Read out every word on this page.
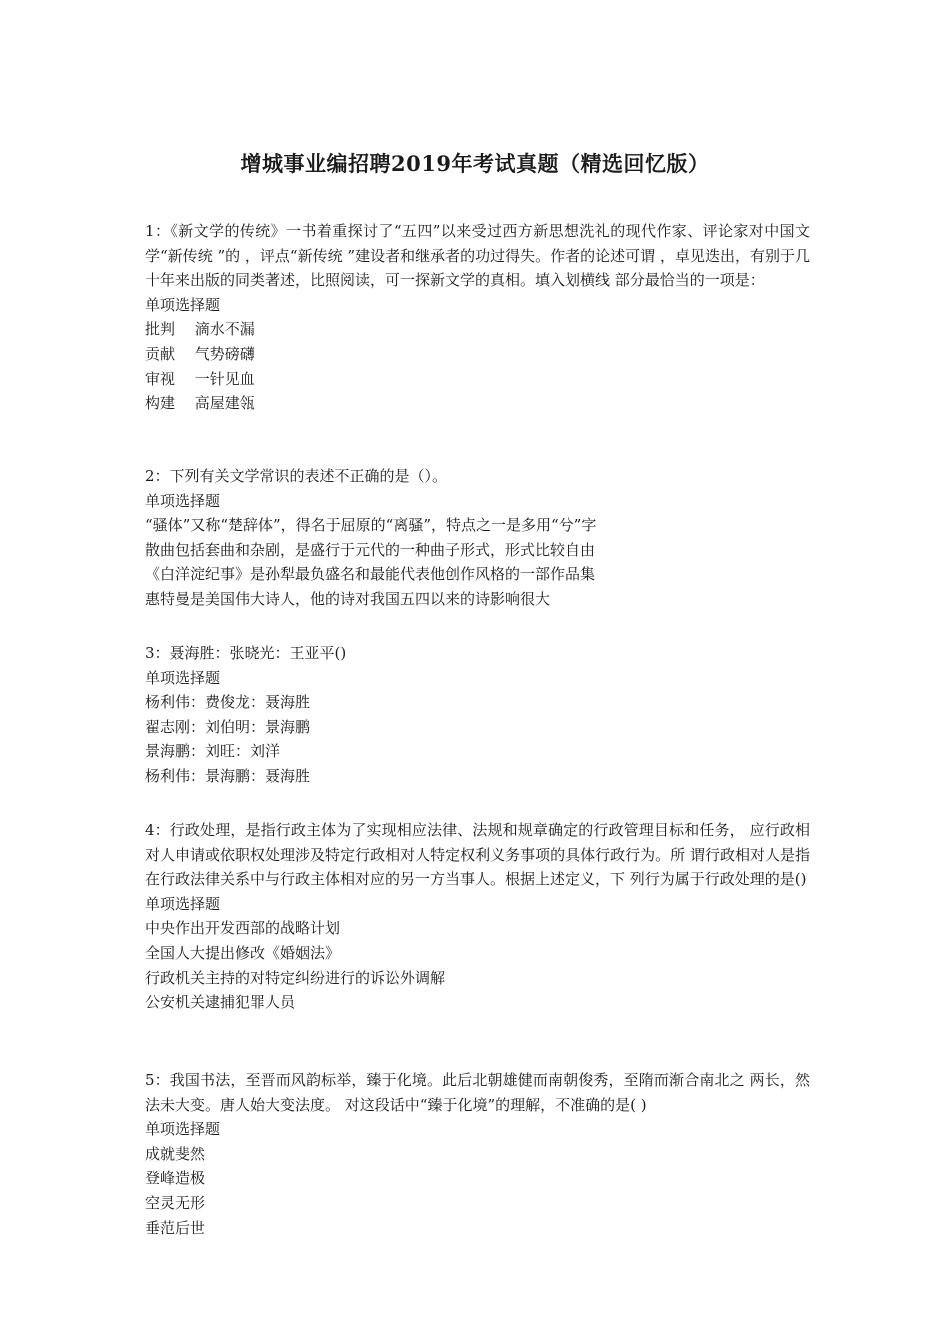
增城事业编招聘2019年考试真题（精选回忆版）

1：《新文学的传统》一书着重探讨了“五四”以来受过西方新思想洗礼的现代作家、评论家对中国文学“新传统 ”的 ，评点“新传统 ”建设者和继承者的功过得失。作者的论述可谓 ，卓见迭出，有别于几十年来出版的同类著述，比照阅读，可一探新文学的真相。填入划横线 部分最恰当的一项是：

单项选择题

批判　 滴水不漏

贡献　 气势磅礴

审视　 一针见血

构建　 高屋建瓴

2：下列有关文学常识的表述不正确的是（）。

单项选择题

“骚体”又称“楚辞体”，得名于屈原的“离骚”，特点之一是多用“兮”字

散曲包括套曲和杂剧，是盛行于元代的一种曲子形式，形式比较自由

《白洋淀纪事》是孙犁最负盛名和最能代表他创作风格的一部作品集

惠特曼是美国伟大诗人，他的诗对我国五四以来的诗影响很大

3：聂海胜：张晓光：王亚平()

单项选择题

杨利伟：费俊龙：聂海胜

翟志刚：刘伯明：景海鹏

景海鹏：刘旺：刘洋

杨利伟：景海鹏：聂海胜

4：行政处理，是指行政主体为了实现相应法律、法规和规章确定的行政管理目标和任务， 应行政相对人申请或依职权处理涉及特定行政相对人特定权利义务事项的具体行政行为。所 谓行政相对人是指在行政法律关系中与行政主体相对应的另一方当事人。根据上述定义，下 列行为属于行政处理的是()

单项选择题

中央作出开发西部的战略计划

全国人大提出修改《婚姻法》

行政机关主持的对特定纠纷进行的诉讼外调解

公安机关逮捕犯罪人员

5：我国书法，至晋而风韵标举，臻于化境。此后北朝雄健而南朝俊秀，至隋而渐合南北之 两长，然法未大变。唐人始大变法度。 对这段话中“臻于化境”的理解，不准确的是( )

单项选择题

成就斐然

登峰造极

空灵无形

垂范后世
